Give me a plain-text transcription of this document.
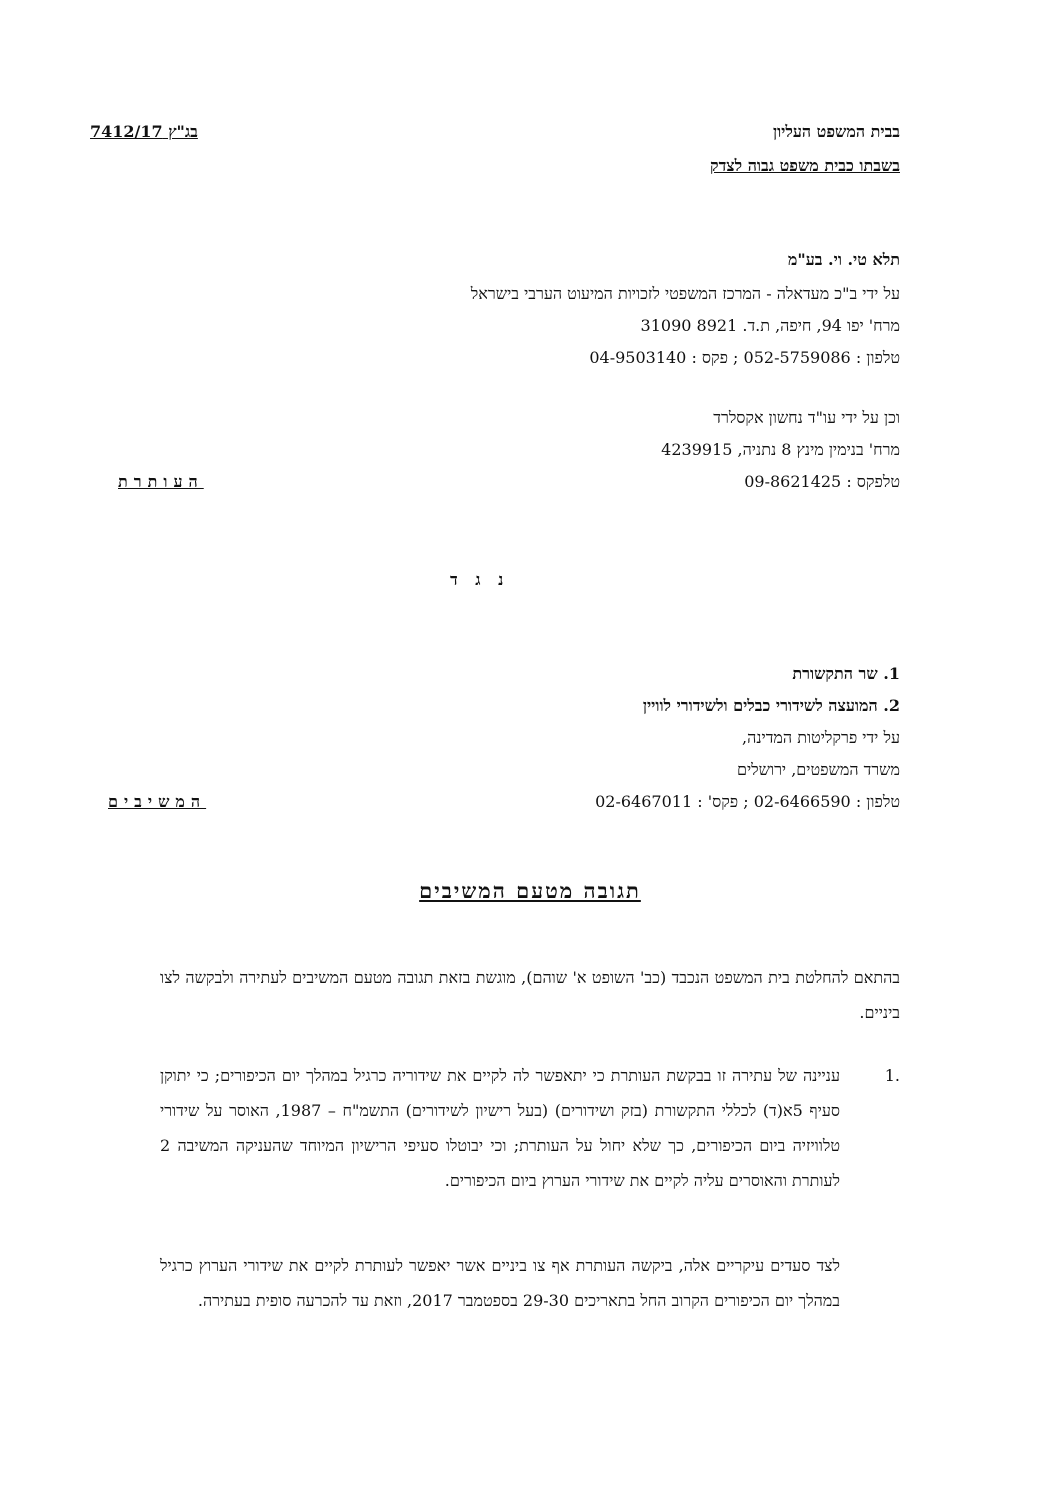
בבית המשפט העליון
בג"ץ 7412/17
בשבתו כבית משפט גבוה לצדק
תלא טי. וי. בע"מ
על ידי ב"כ מעדאלה - המרכז המשפטי לזכויות המיעוט הערבי בישראל
מרח' יפו 94, חיפה, ת.ד. 8921 31090
טלפון : 052-5759086 ; פקס : 04-9503140
וכן על ידי עו"ד נחשון אקסלרד
מרח' בנימין מינץ 8 נתניה, 4239915
טלפקס : 09-8621425
העותרת
נ ג ד
1. שר התקשורת
2. המועצה לשידורי כבלים ולשידורי לוויין
על ידי פרקליטות המדינה,
משרד המשפטים, ירושלים
טלפון : 02-6466590 ; פקס' : 02-6467011
המשיבים
תגובה מטעם המשיבים
בהתאם להחלטת בית המשפט הנכבד (כב' השופט א' שוהם), מוגשת בזאת תגובה מטעם המשיבים לעתירה ולבקשה לצו ביניים.
1.
עניינה של עתירה זו בבקשת העותרת כי יתאפשר לה לקיים את שידוריה כרגיל במהלך יום הכיפורים; כי יתוקן סעיף 5א(ד) לכללי התקשורת (בזק ושידורים) (בעל רישיון לשידורים) התשמ"ח – 1987, האוסר על שידורי טלוויזיה ביום הכיפורים, כך שלא יחול על העותרת; וכי יבוטלו סעיפי הרישיון המיוחד שהעניקה המשיבה 2 לעותרת והאוסרים עליה לקיים את שידורי הערוץ ביום הכיפורים.
לצד סעדים עיקריים אלה, ביקשה העותרת אף צו ביניים אשר יאפשר לעותרת לקיים את שידורי הערוץ כרגיל במהלך יום הכיפורים הקרוב החל בתאריכים 29-30 בספטמבר 2017, וזאת עד להכרעה סופית בעתירה.
